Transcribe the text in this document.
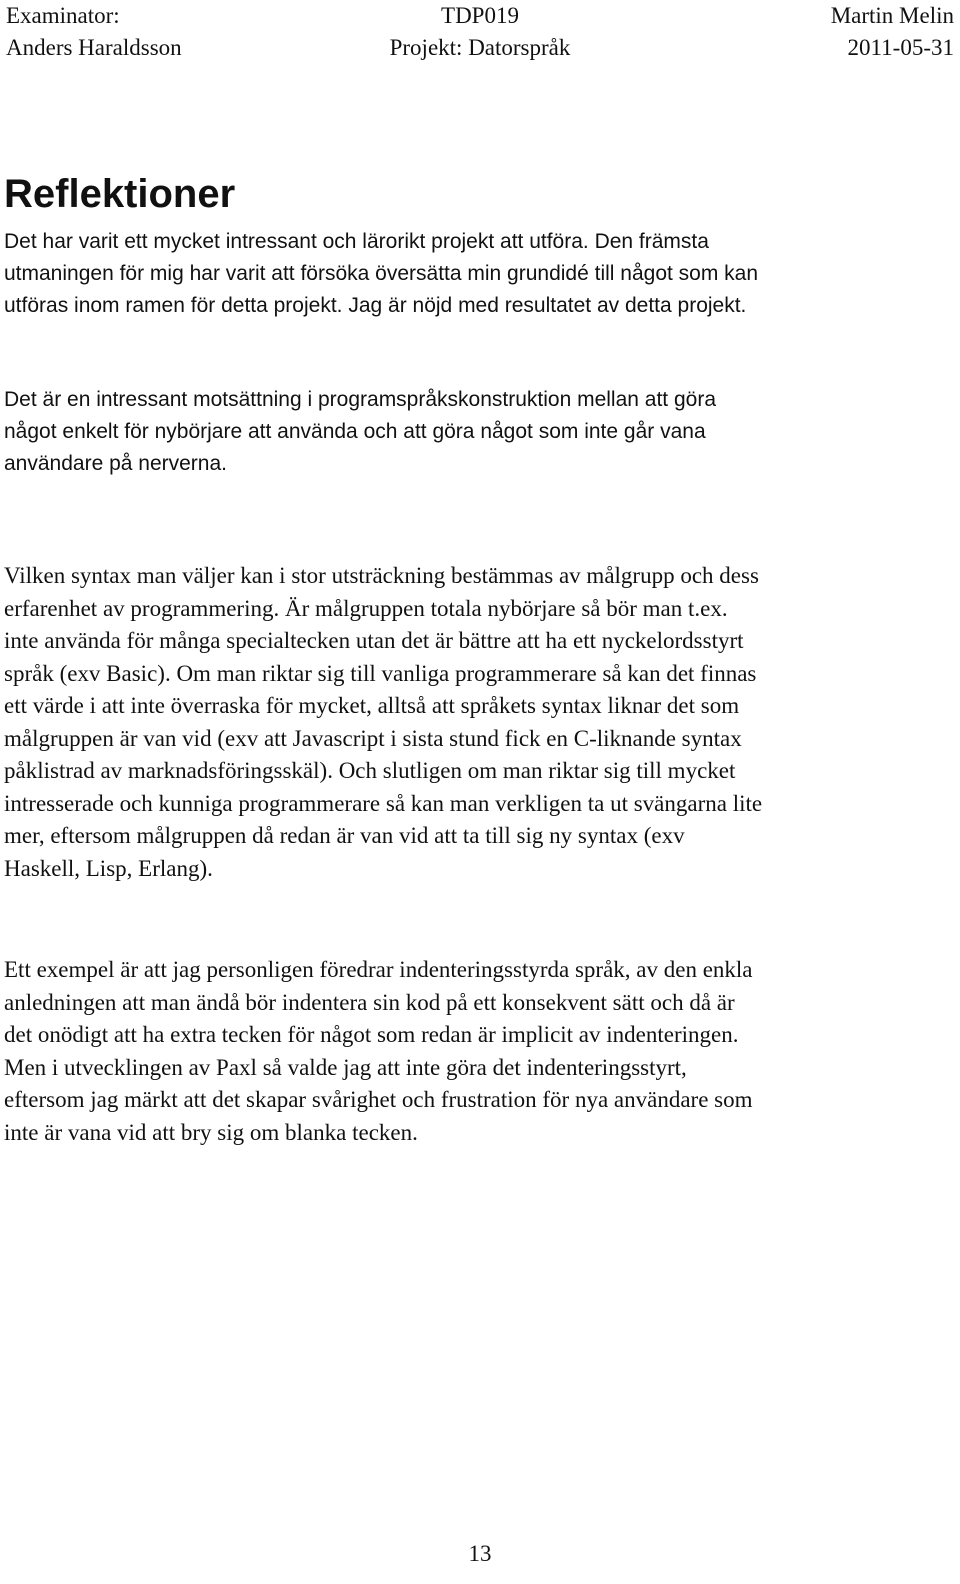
Examinator:	TDP019	Martin Melin
Anders Haraldsson	Projekt: Datorspråk	2011-05-31
Reflektioner

Det har varit ett mycket intressant och lärorikt projekt att utföra. Den främsta
utmaningen för mig har varit att försöka översätta min grundidé till något som kan
utföras inom ramen för detta projekt. Jag är nöjd med resultatet av detta projekt.

Det är en intressant motsättning i programspråkskonstruktion mellan att göra
något enkelt för nybörjare att använda och att göra något som inte går vana
användare på nerverna.

Vilken syntax man väljer kan i stor utsträckning bestämmas av målgrupp och dess
erfarenhet av programmering. Är målgruppen totala nybörjare så bör man t.ex.
inte använda för många specialtecken utan det är bättre att ha ett nyckelordsstyrt
språk (exv Basic). Om man riktar sig till vanliga programmerare så kan det finnas
ett värde i att inte överraska för mycket, alltså att språkets syntax liknar det som
målgruppen är van vid (exv att Javascript i sista stund fick en C-liknande syntax
påklistrad av marknadsföringsskäl). Och slutligen om man riktar sig till mycket
intresserade och kunniga programmerare så kan man verkligen ta ut svängarna lite
mer, eftersom målgruppen då redan är van vid att ta till sig ny syntax (exv
Haskell, Lisp, Erlang).

Ett exempel är att jag personligen föredrar indenteringsstyrda språk, av den enkla
anledningen att man ändå bör indentera sin kod på ett konsekvent sätt och då är
det onödigt att ha extra tecken för något som redan är implicit av indenteringen.
Men i utvecklingen av Paxl så valde jag att inte göra det indenteringsstyrt,
eftersom jag märkt att det skapar svårighet och frustration för nya användare som
inte är vana vid att bry sig om blanka tecken.

13
